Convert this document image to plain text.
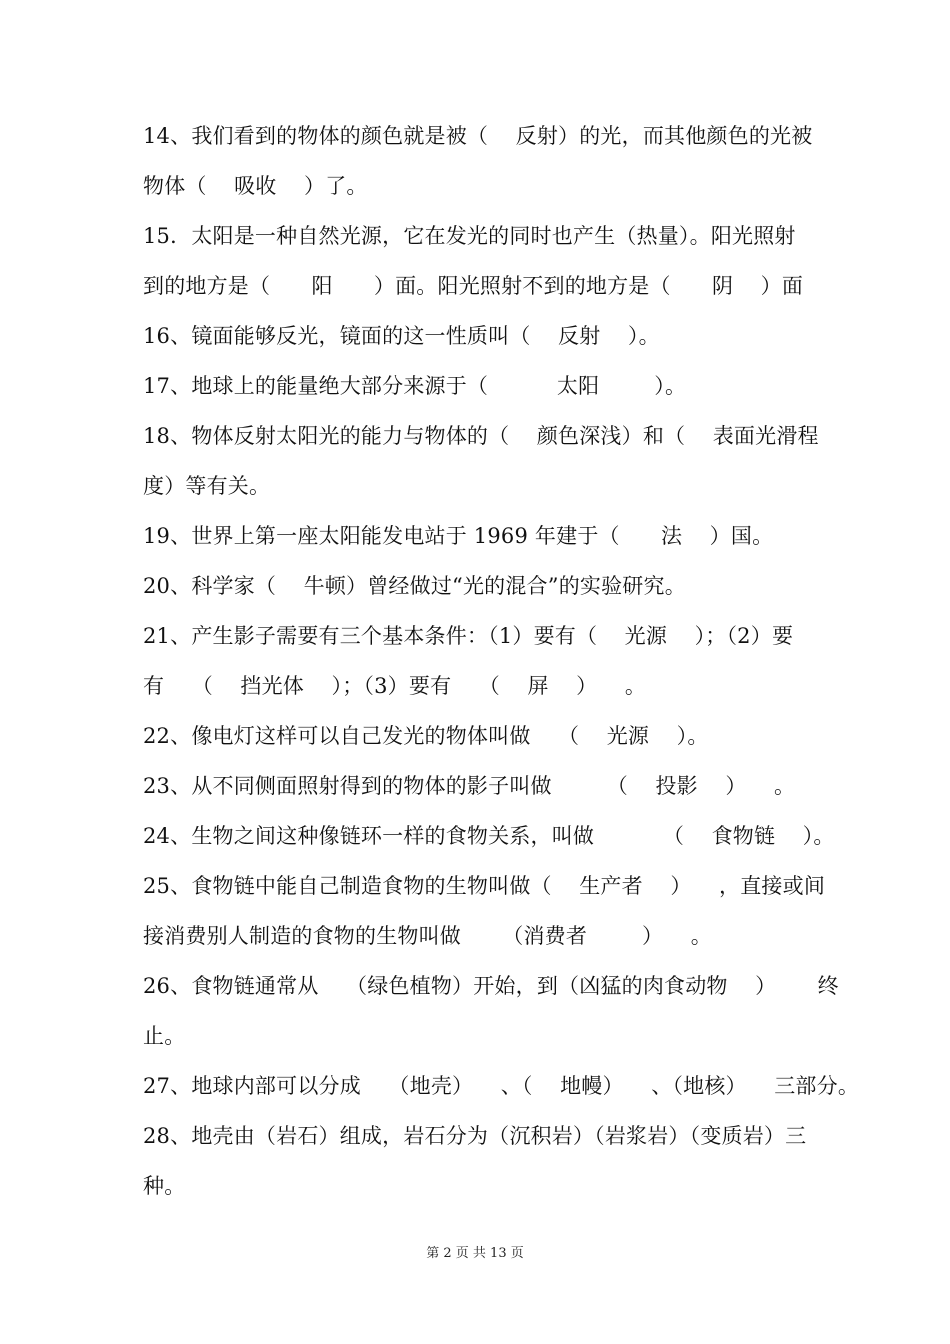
14、我们看到的物体的颜色就是被（    反射）的光，而其他颜色的光被
物体（    吸收    ）了。
15．太阳是一种自然光源，它在发光的同时也产生（热量）。阳光照射
到的地方是（      阳      ）面。阳光照射不到的地方是（      阴    ）面
16、镜面能够反光，镜面的这一性质叫（    反射    ）。
17、地球上的能量绝大部分来源于（          太阳        ）。
18、物体反射太阳光的能力与物体的（    颜色深浅）和（    表面光滑程
度）等有关。
19、世界上第一座太阳能发电站于 1969 年建于（      法    ）国。
20、科学家（    牛顿）曾经做过“光的混合”的实验研究。
21、产生影子需要有三个基本条件：（1）要有（    光源    ）；（2）要
有    （    挡光体    ）；（3）要有    （    屏    ）    。
22、像电灯这样可以自己发光的物体叫做    （    光源    ）。
23、从不同侧面照射得到的物体的影子叫做        （    投影    ）    。
24、生物之间这种像链环一样的食物关系，叫做          （    食物链    ）。
25、食物链中能自己制造食物的生物叫做（    生产者    ）    ，直接或间
接消费别人制造的食物的生物叫做      （消费者        ）    。
26、食物链通常从    （绿色植物）开始，到（凶猛的肉食动物    ）      终
止。
27、地球内部可以分成    （地壳）    、（    地幔）    、（地核）    三部分。
28、地壳由（岩石）组成，岩石分为（沉积岩）（岩浆岩）（变质岩）三
种。
第 2 页 共 13 页
